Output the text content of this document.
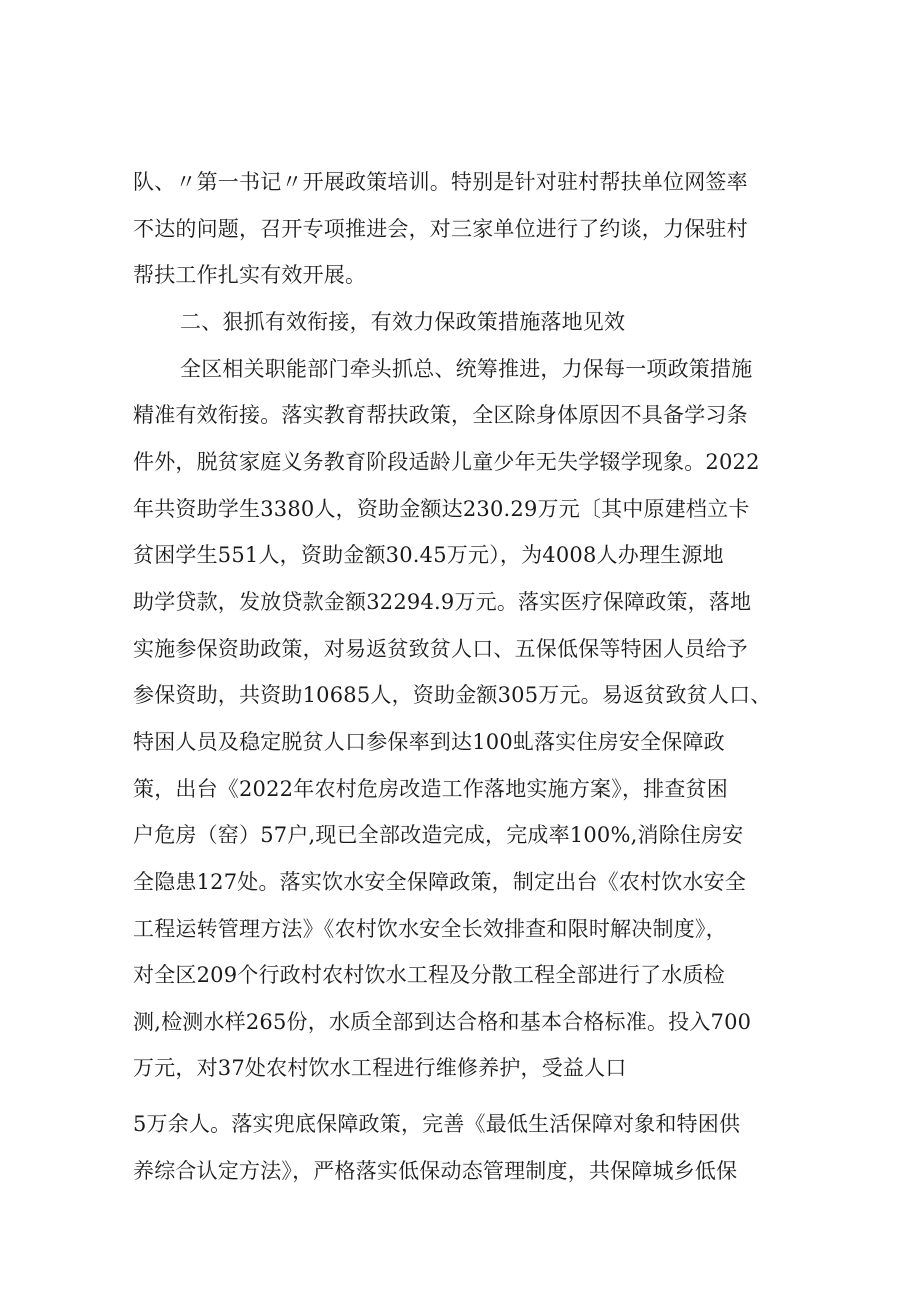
队、〃第一书记〃开展政策培训。特别是针对驻村帮扶单位网签率
不达的问题，召开专项推进会，对三家单位进行了约谈，力保驻村
帮扶工作扎实有效开展。
二、狠抓有效衔接，有效力保政策措施落地见效
全区相关职能部门牵头抓总、统筹推进，力保每一项政策措施
精准有效衔接。落实教育帮扶政策，全区除身体原因不具备学习条
件外，脱贫家庭义务教育阶段适龄儿童少年无失学辍学现象。2022
年共资助学生3380人，资助金额达230.29万元〔其中原建档立卡
贫困学生551人，资助金额30.45万元），为4008人办理生源地
助学贷款，发放贷款金额32294.9万元。落实医疗保障政策，落地
实施参保资助政策，对易返贫致贫人口、五保低保等特困人员给予
参保资助，共资助10685人，资助金额305万元。易返贫致贫人口、
特困人员及稳定脱贫人口参保率到达100虬落实住房安全保障政
策，出台《2022年农村危房改造工作落地实施方案》，排查贫困
户危房（窑）57户,现已全部改造完成，完成率100%,消除住房安
全隐患127处。落实饮水安全保障政策，制定出台《农村饮水安全
工程运转管理方法》《农村饮水安全长效排查和限时解决制度》，
对全区209个行政村农村饮水工程及分散工程全部进行了水质检
测,检测水样265份，水质全部到达合格和基本合格标准。投入700
万元，对37处农村饮水工程进行维修养护，受益人口
5万余人。落实兜底保障政策，完善《最低生活保障对象和特困供
养综合认定方法》，严格落实低保动态管理制度，共保障城乡低保
